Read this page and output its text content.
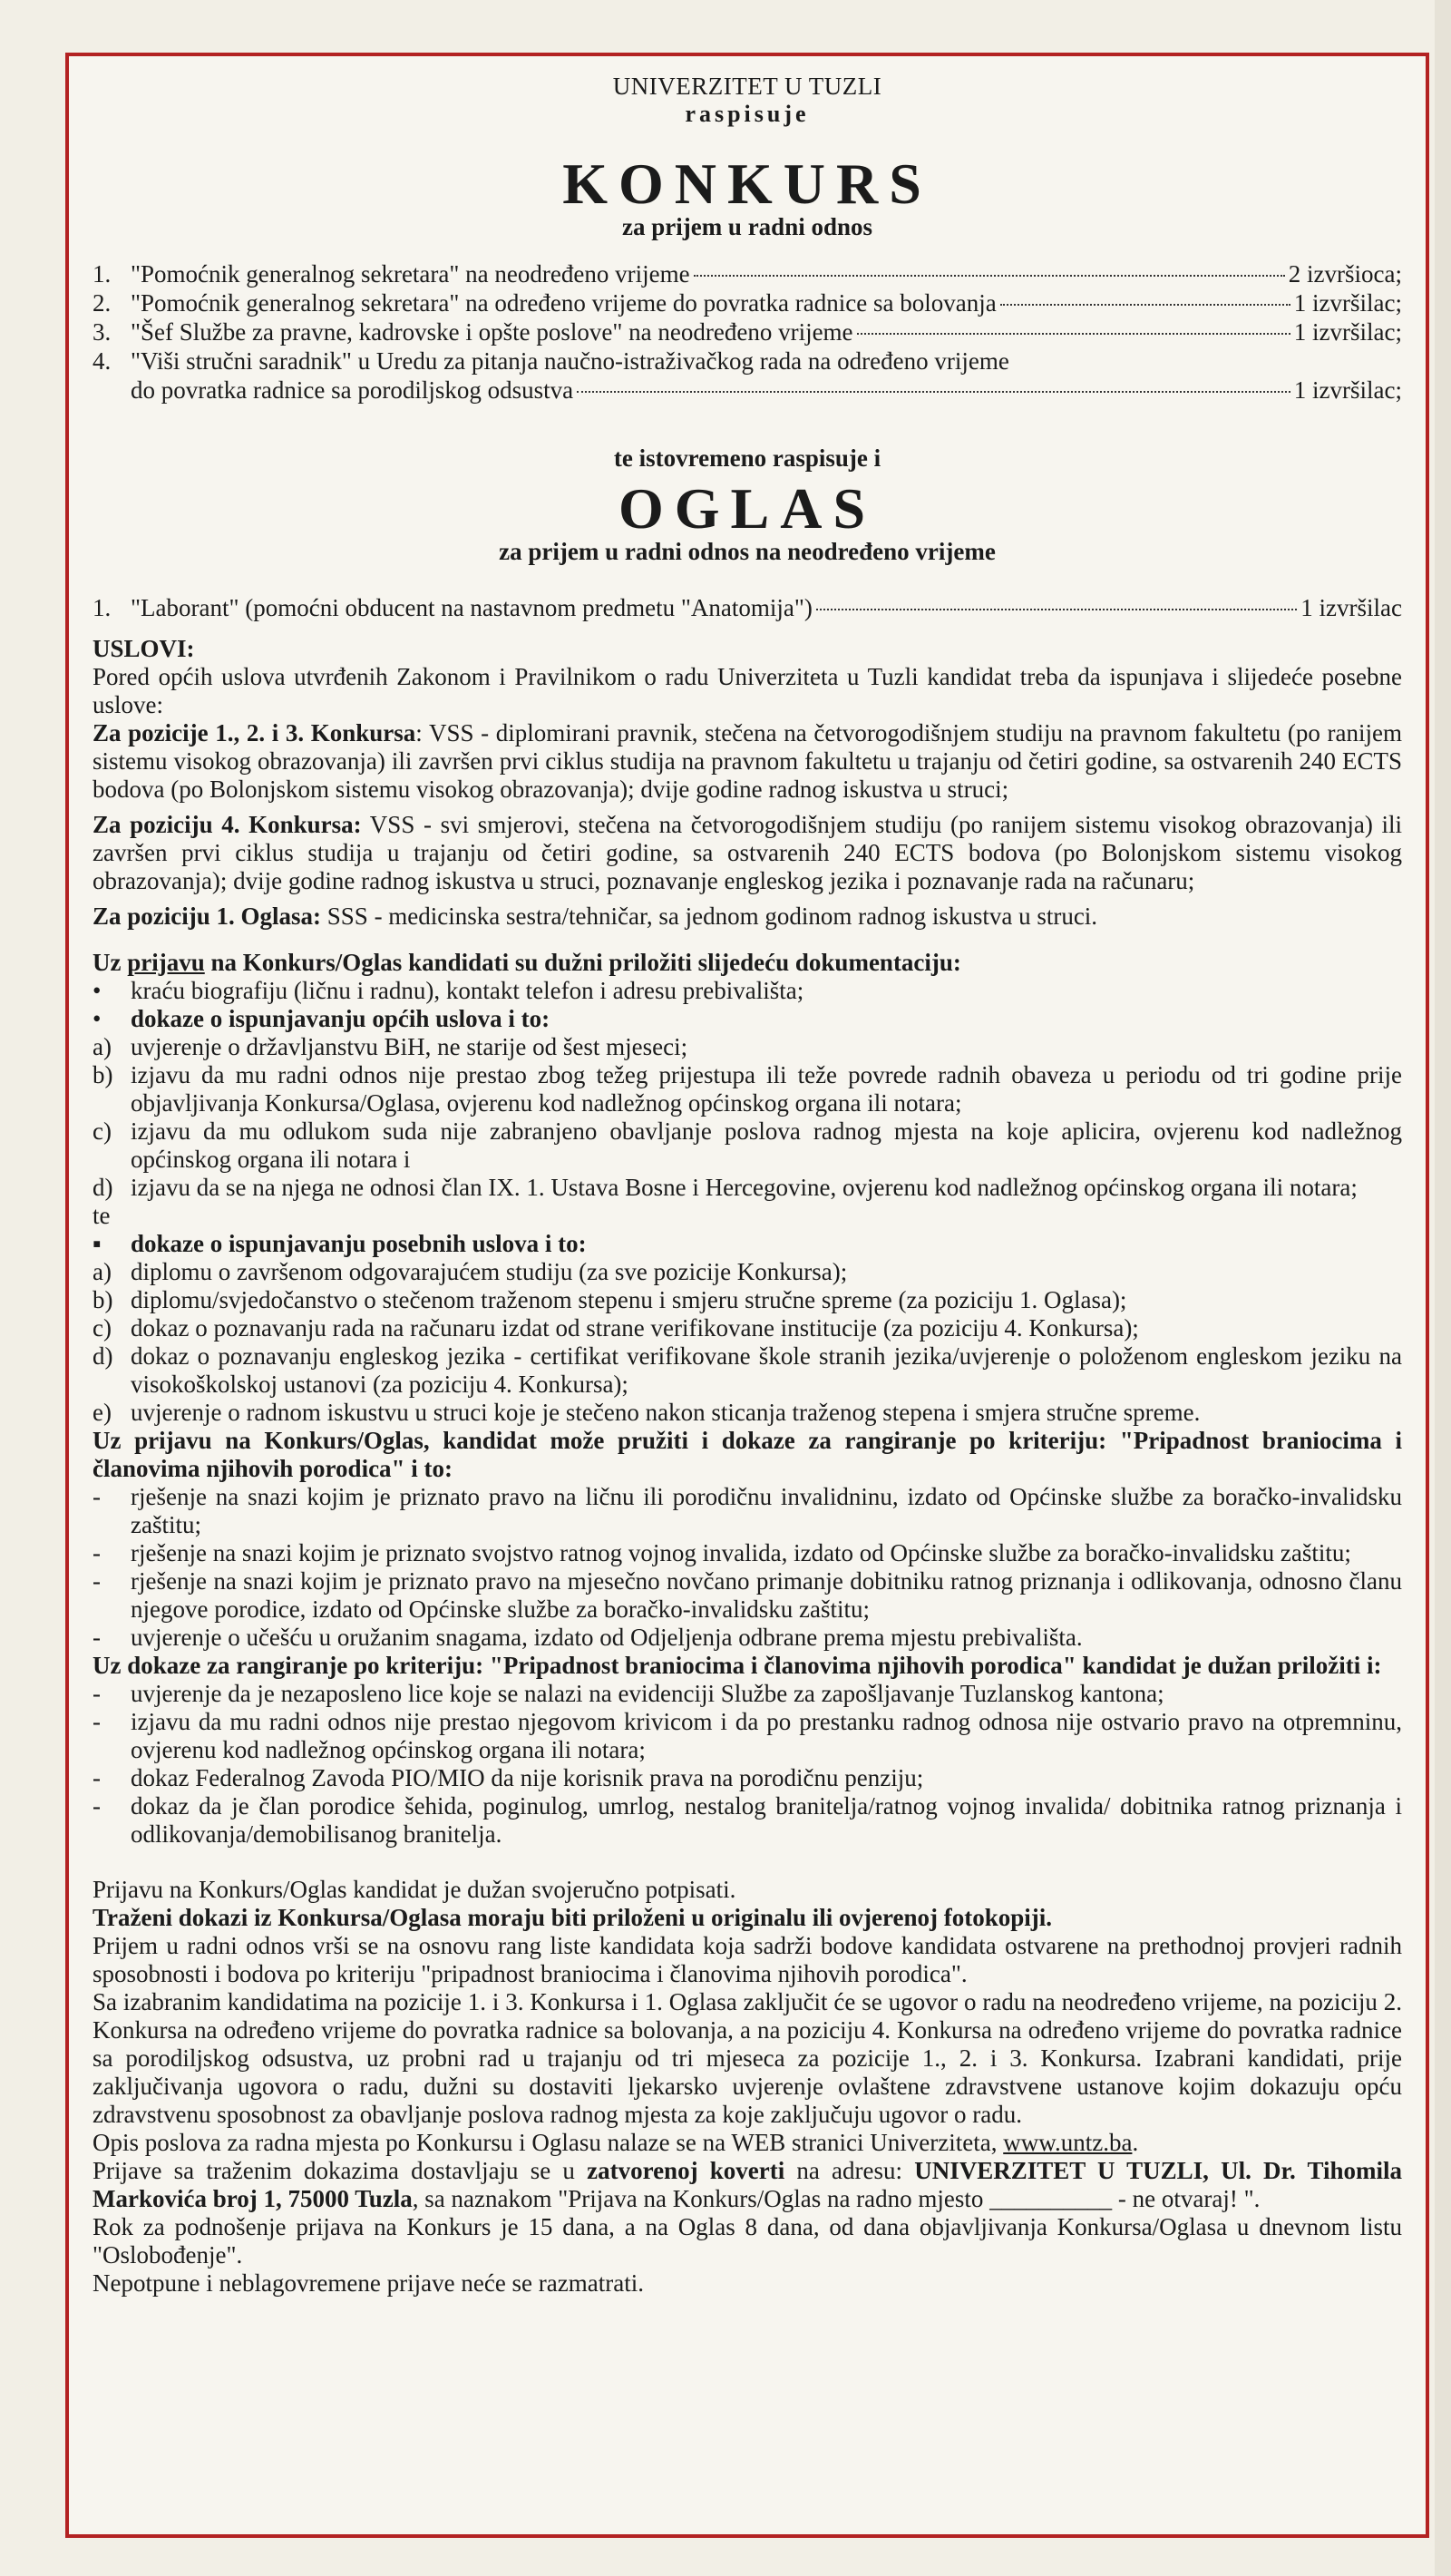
UNIVERZITET U TUZLI
raspisuje
KONKURS
za prijem u radni odnos
1. "Pomoćnik generalnog sekretara" na neodređeno vrijeme	2 izvršioca;
2. "Pomoćnik generalnog sekretara" na određeno vrijeme do povratka radnice sa bolovanja	1 izvršilac;
3. "Šef Službe za pravne, kadrovske i opšte poslove" na neodređeno vrijeme	1 izvršilac;
4. "Viši stručni saradnik" u Uredu za pitanja naučno-istraživačkog rada na određeno vrijeme
do povratka radnice sa porodiljskog odsustva	1 izvršilac;
te istovremeno raspisuje i
OGLAS
za prijem u radni odnos na neodređeno vrijeme
1. "Laborant" (pomoćni obducent na nastavnom predmetu "Anatomija")	1 izvršilac
USLOVI:

Pored općih uslova utvrđenih Zakonom i Pravilnikom o radu Univerziteta u Tuzli kandidat treba da ispunjava i slijedeće posebne uslove:

Za pozicije 1., 2. i 3. Konkursa: VSS - diplomirani pravnik, stečena na četvorogodišnjem studiju na pravnom fakultetu (po ranijem sistemu visokog obrazovanja) ili završen prvi ciklus studija na pravnom fakultetu u trajanju od četiri godine, sa ostvarenih 240 ECTS bodova (po Bolonjskom sistemu visokog obrazovanja); dvije godine radnog iskustva u struci;

Za poziciju 4. Konkursa: VSS - svi smjerovi, stečena na četvorogodišnjem studiju (po ranijem sistemu visokog obrazovanja) ili završen prvi ciklus studija u trajanju od četiri godine, sa ostvarenih 240 ECTS bodova (po Bolonjskom sistemu visokog obrazovanja); dvije godine radnog iskustva u struci, poznavanje engleskog jezika i poznavanje rada na računaru;

Za poziciju 1. Oglasa: SSS - medicinska sestra/tehničar, sa jednom godinom radnog iskustva u struci.

Uz prijavu na Konkurs/Oglas kandidati su dužni priložiti slijedeću dokumentaciju:

•	kraću biografiju (ličnu i radnu), kontakt telefon i adresu prebivališta;
•	dokaze o ispunjavanju općih uslova i to:
a) uvjerenje o državljanstvu BiH, ne starije od šest mjeseci;
b) izjavu da mu radni odnos nije prestao zbog težeg prijestupa ili teže povrede radnih obaveza u periodu od tri godine prije objavljivanja Konkursa/Oglasa, ovjerenu kod nadležnog općinskog organa ili notara;
c) izjavu da mu odlukom suda nije zabranjeno obavljanje poslova radnog mjesta na koje aplicira, ovjerenu kod nadležnog općinskog organa ili notara i
d) izjavu da se na njega ne odnosi član IX. 1. Ustava Bosne i Hercegovine, ovjerenu kod nadležnog općinskog organa ili notara;

te

▪	dokaze o ispunjavanju posebnih uslova i to:
a) diplomu o završenom odgovarajućem studiju (za sve pozicije Konkursa);
b) diplomu/svjedočanstvo o stečenom traženom stepenu i smjeru stručne spreme (za poziciju 1. Oglasa);
c) dokaz o poznavanju rada na računaru izdat od strane verifikovane institucije (za poziciju 4. Konkursa);
d) dokaz o poznavanju engleskog jezika - certifikat verifikovane škole stranih jezika/uvjerenje o položenom engleskom jeziku na visokoškolskoj ustanovi (za poziciju 4. Konkursa);
e) uvjerenje o radnom iskustvu u struci koje je stečeno nakon sticanja traženog stepena i smjera stručne spreme.

Uz prijavu na Konkurs/Oglas, kandidat može pružiti i dokaze za rangiranje po kriteriju: "Pripadnost braniocima i članovima njihovih porodica" i to:

-	rješenje na snazi kojim je priznato pravo na ličnu ili porodičnu invalidninu, izdato od Općinske službe za boračko-invalidsku zaštitu;
-	rješenje na snazi kojim je priznato svojstvo ratnog vojnog invalida, izdato od Općinske službe za boračko-invalidsku zaštitu;
-	rješenje na snazi kojim je priznato pravo na mjesečno novčano primanje dobitniku ratnog priznanja i odlikovanja, odnosno članu njegove porodice, izdato od Općinske službe za boračko-invalidsku zaštitu;
-	uvjerenje o učešću u oružanim snagama, izdato od Odjeljenja odbrane prema mjestu prebivališta.

Uz dokaze za rangiranje po kriteriju: "Pripadnost braniocima i članovima njihovih porodica" kandidat je dužan priložiti i:

-	uvjerenje da je nezaposleno lice koje se nalazi na evidenciji Službe za zapošljavanje Tuzlanskog kantona;
-	izjavu da mu radni odnos nije prestao njegovom krivicom i da po prestanku radnog odnosa nije ostvario pravo na otpremninu, ovjerenu kod nadležnog općinskog organa ili notara;
-	dokaz Federalnog Zavoda PIO/MIO da nije korisnik prava na porodičnu penziju;
-	dokaz da je član porodice šehida, poginulog, umrlog, nestalog branitelja/ratnog vojnog invalida/ dobitnika ratnog priznanja i odlikovanja/demobilisanog branitelja.

Prijavu na Konkurs/Oglas kandidat je dužan svojeručno potpisati.

Traženi dokazi iz Konkursa/Oglasa moraju biti priloženi u originalu ili ovjerenoj fotokopiji.

Prijem u radni odnos vrši se na osnovu rang liste kandidata koja sadrži bodove kandidata ostvarene na prethodnoj provjeri radnih sposobnosti i bodova po kriteriju "pripadnost braniocima i članovima njihovih porodica".

Sa izabranim kandidatima na pozicije 1. i 3. Konkursa i 1. Oglasa zaključit će se ugovor o radu na neodređeno vrijeme, na poziciju 2. Konkursa na određeno vrijeme do povratka radnice sa bolovanja, a na poziciju 4. Konkursa na određeno vrijeme do povratka radnice sa porodiljskog odsustva, uz probni rad u trajanju od tri mjeseca za pozicije 1., 2. i 3. Konkursa. Izabrani kandidati, prije zaključivanja ugovora o radu, dužni su dostaviti ljekarsko uvjerenje ovlaštene zdravstvene ustanove kojim dokazuju opću zdravstvenu sposobnost za obavljanje poslova radnog mjesta za koje zaključuju ugovor o radu.

Opis poslova za radna mjesta po Konkursu i Oglasu nalaze se na WEB stranici Univerziteta, www.untz.ba.

Prijave sa traženim dokazima dostavljaju se u zatvorenoj koverti na adresu: UNIVERZITET U TUZLI, Ul. Dr. Tihomila Markovića broj 1, 75000 Tuzla, sa naznakom "Prijava na Konkurs/Oglas na radno mjesto __________ - ne otvaraj! ".

Rok za podnošenje prijava na Konkurs je 15 dana, a na Oglas 8 dana, od dana objavljivanja Konkursa/Oglasa u dnevnom listu "Oslobođenje".

Nepotpune i neblagovremene prijave neće se razmatrati.
